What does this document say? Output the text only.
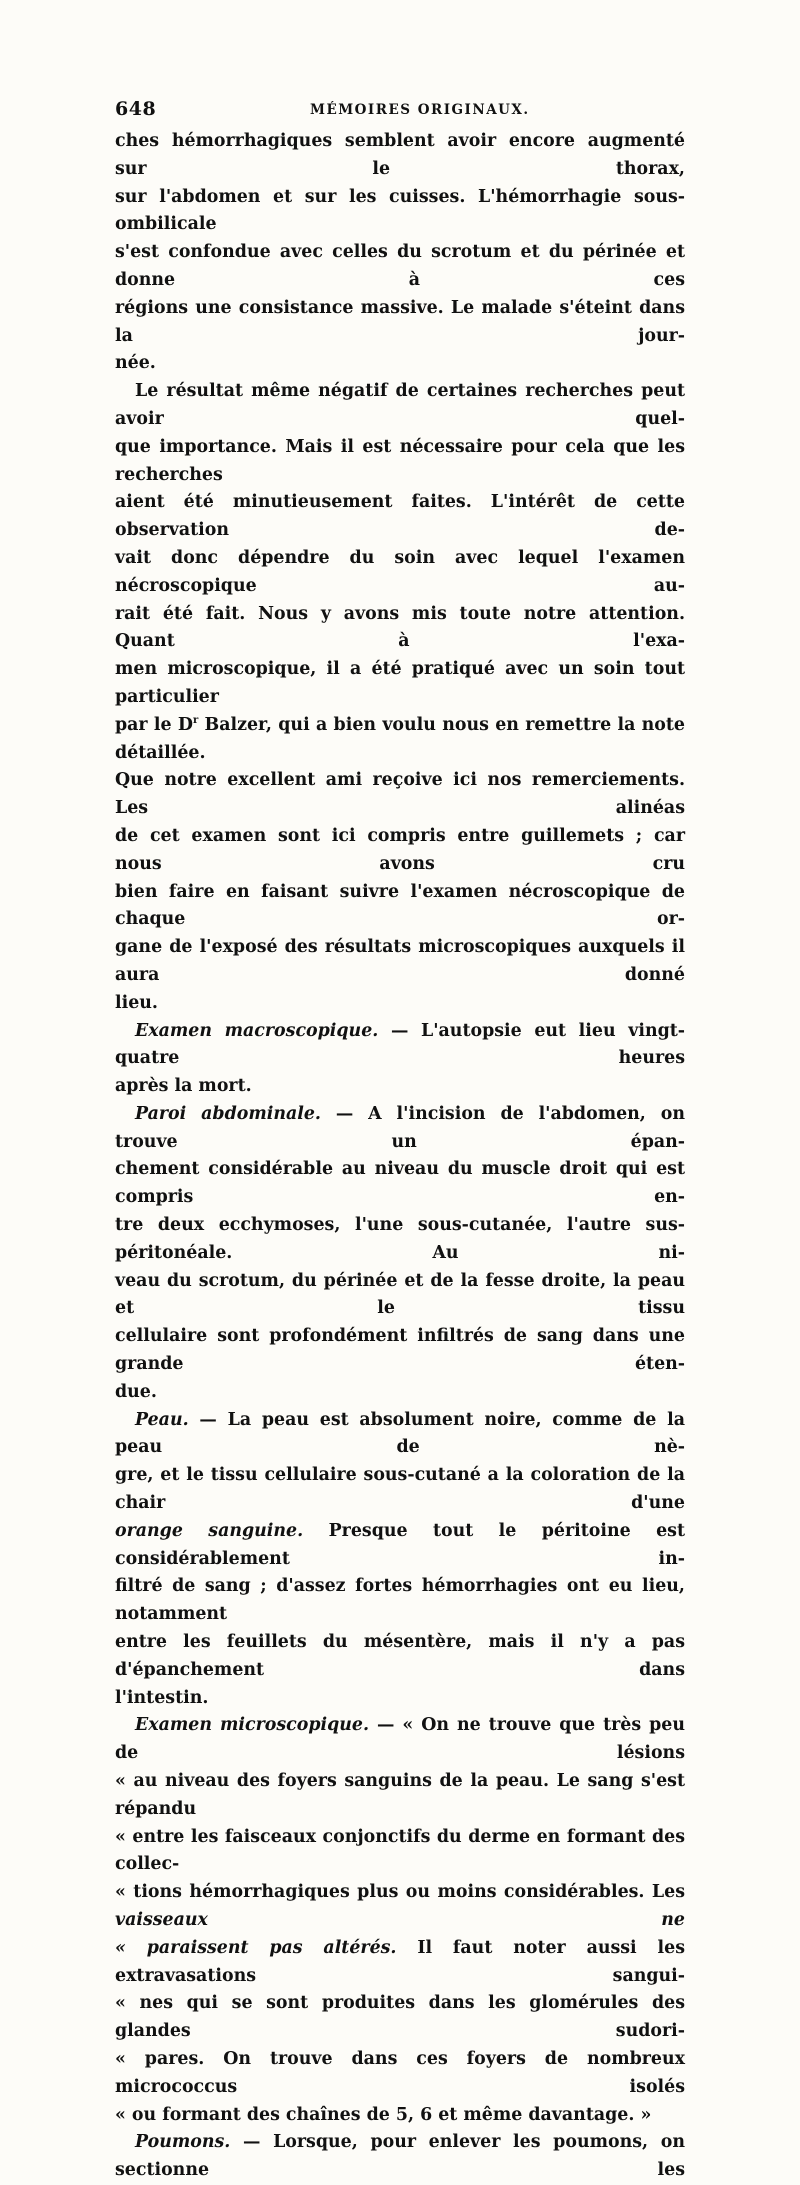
648	MÉMOIRES ORIGINAUX.

ches hémorrhagiques semblent avoir encore augmenté sur le thorax,

sur l'abdomen et sur les cuisses. L'hémorrhagie sous-ombilicale

s'est confondue avec celles du scrotum et du périnée et donne à ces

régions une consistance massive. Le malade s'éteint dans la jour-

née.

Le résultat même négatif de certaines recherches peut avoir quel-

que importance. Mais il est nécessaire pour cela que les recherches

aient été minutieusement faites. L'intérêt de cette observation de-

vait donc dépendre du soin avec lequel l'examen nécroscopique au-

rait été fait. Nous y avons mis toute notre attention. Quant à l'exa-

men microscopique, il a été pratiqué avec un soin tout particulier

par le $D^r$ Balzer, qui a bien voulu nous en remettre la note détaillée.

Que notre excellent ami reçoive ici nos remerciements. Les alinéas

de cet examen sont ici compris entre guillemets ; car nous avons cru

bien faire en faisant suivre l'examen nécroscopique de chaque or-

gane de l'exposé des résultats microscopiques auxquels il aura donné

lieu.

Examen macroscopique. — L'autopsie eut lieu vingt-quatre heures

après la mort.

Paroi abdominale. — A l'incision de l'abdomen, on trouve un épan-

chement considérable au niveau du muscle droit qui est compris en-

tre deux ecchymoses, l'une sous-cutanée, l'autre sus-péritonéale. Au ni-

veau du scrotum, du périnée et de la fesse droite, la peau et le tissu

cellulaire sont profondément infiltrés de sang dans une grande éten-

due.

Peau. — La peau est absolument noire, comme de la peau de nè-

gre, et le tissu cellulaire sous-cutané a la coloration de la chair d'une

orange sanguine. Presque tout le péritoine est considérablement in-

filtré de sang ; d'assez fortes hémorrhagies ont eu lieu, notamment

entre les feuillets du mésentère, mais il n'y a pas d'épanchement dans

l'intestin.

Examen microscopique. — « On ne trouve que très peu de lésions

« au niveau des foyers sanguins de la peau. Le sang s'est répandu

« entre les faisceaux conjonctifs du derme en formant des collec-

« tions hémorrhagiques plus ou moins considérables. Les vaisseaux ne

« paraissent pas altérés. Il faut noter aussi les extravasations sangui-

« nes qui se sont produites dans les glomérules des glandes sudori-

« pares. On trouve dans ces foyers de nombreux micrococcus isolés

« ou formant des chaînes de 5, 6 et même davantage. »

Poumons. — Lorsque, pour enlever les poumons, on sectionne les
